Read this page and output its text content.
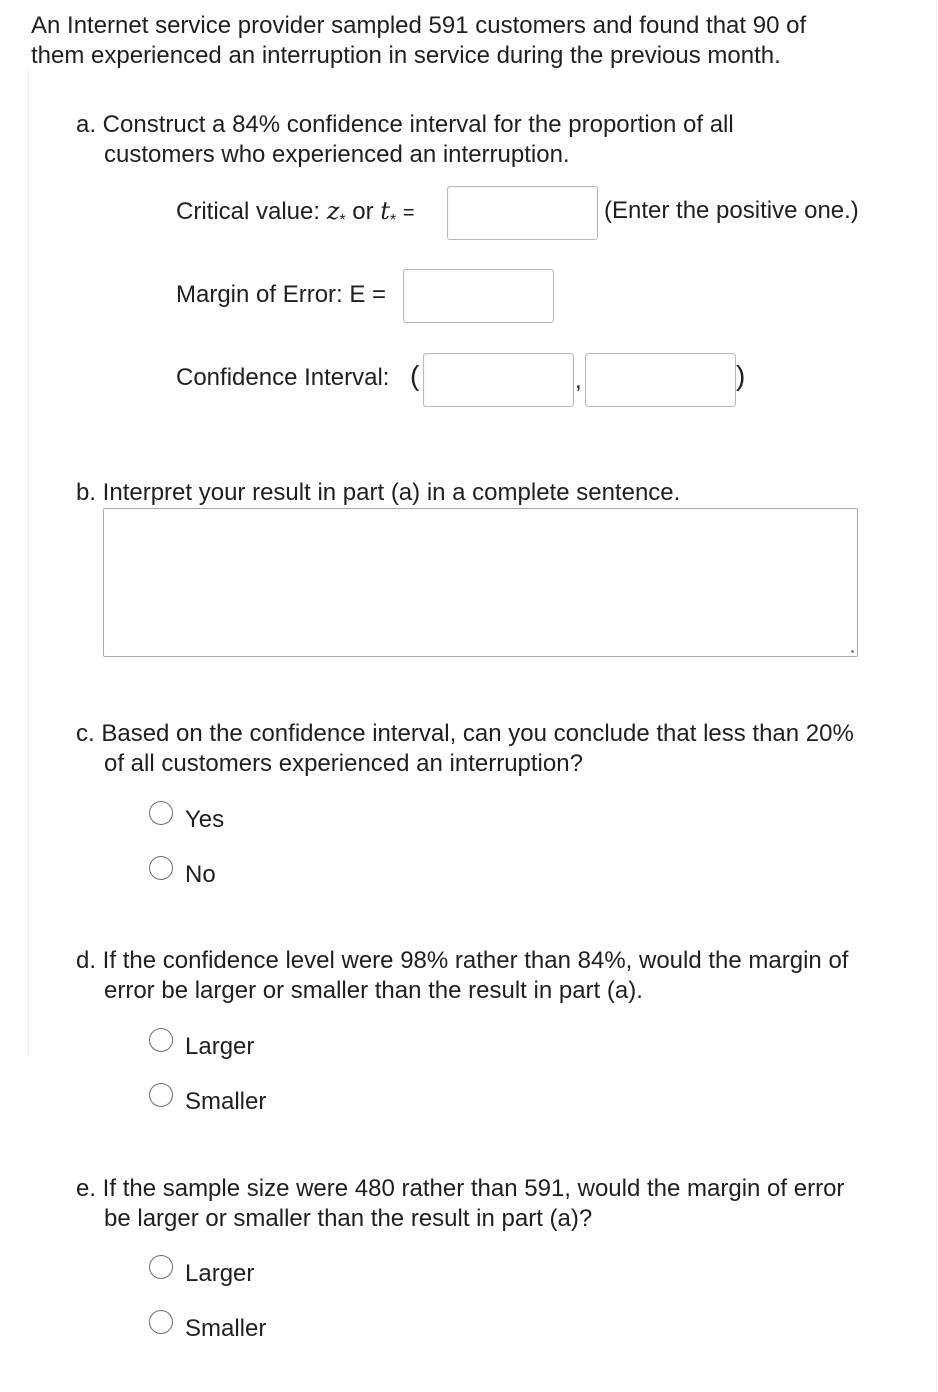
An Internet service provider sampled 591 customers and found that 90 of
them experienced an interruption in service during the previous month.
a. Construct a 84% confidence interval for the proportion of all
customers who experienced an interruption.
Critical value: $z_*$ or $t_*$ =	(Enter the positive one.)
Margin of Error: E =
Confidence Interval: (	,	)
b. Interpret your result in part (a) in a complete sentence.
c. Based on the confidence interval, can you conclude that less than 20%
of all customers experienced an interruption?
Yes
No
d. If the confidence level were 98% rather than 84%, would the margin of
error be larger or smaller than the result in part (a).
Larger
Smaller
e. If the sample size were 480 rather than 591, would the margin of error
be larger or smaller than the result in part (a)?
Larger
Smaller
